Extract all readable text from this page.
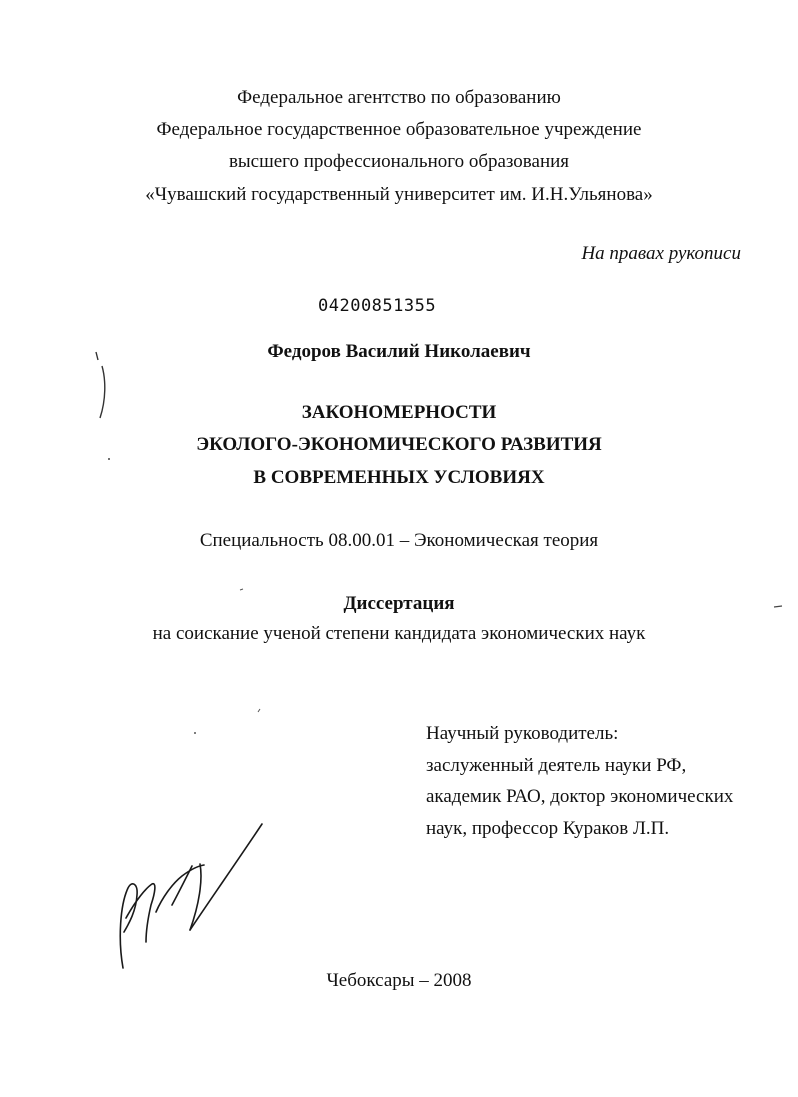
Федеральное агентство по образованию
Федеральное государственное образовательное учреждение
высшего профессионального образования
«Чувашский государственный университет им. И.Н.Ульянова»
На правах рукописи
04200851355
Федоров Василий Николаевич
ЗАКОНОМЕРНОСТИ
ЭКОЛОГО-ЭКОНОМИЧЕСКОГО РАЗВИТИЯ
В СОВРЕМЕННЫХ УСЛОВИЯХ
Специальность 08.00.01 – Экономическая теория
Диссертация
на соискание ученой степени кандидата экономических наук
Научный руководитель:
заслуженный деятель науки РФ,
академик РАО, доктор экономических
наук, профессор Кураков Л.П.
Чебоксары – 2008
